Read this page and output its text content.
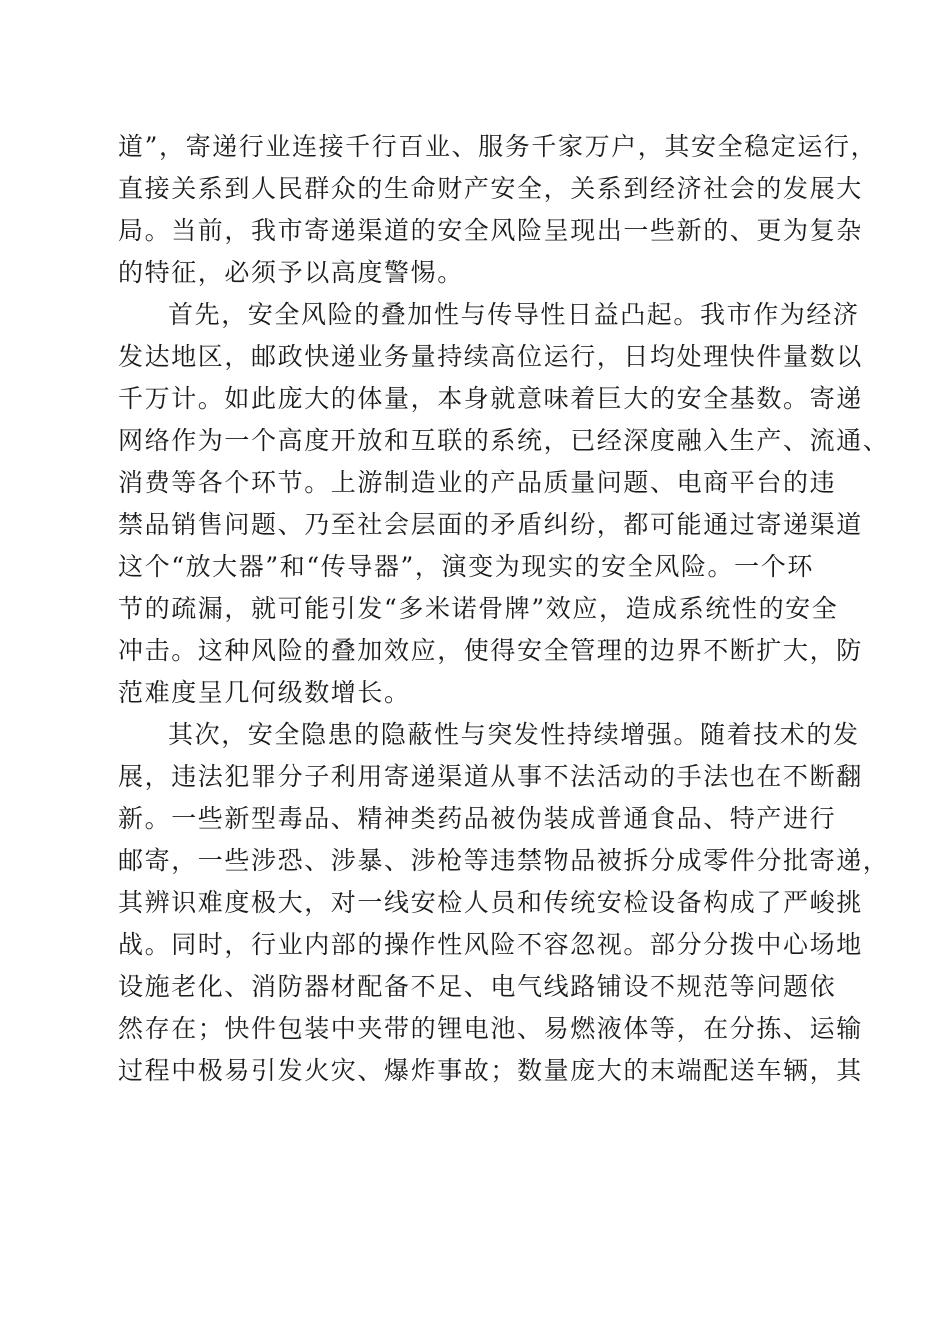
道”，寄递行业连接千行百业、服务千家万户，其安全稳定运行，
直接关系到人民群众的生命财产安全，关系到经济社会的发展大
局。当前，我市寄递渠道的安全风险呈现出一些新的、更为复杂
的特征，必须予以高度警惕。
首先，安全风险的叠加性与传导性日益凸起。我市作为经济
发达地区，邮政快递业务量持续高位运行，日均处理快件量数以
千万计。如此庞大的体量，本身就意味着巨大的安全基数。寄递
网络作为一个高度开放和互联的系统，已经深度融入生产、流通、
消费等各个环节。上游制造业的产品质量问题、电商平台的违
禁品销售问题、乃至社会层面的矛盾纠纷，都可能通过寄递渠道
这个“放大器”和“传导器”，演变为现实的安全风险。一个环
节的疏漏，就可能引发“多米诺骨牌”效应，造成系统性的安全
冲击。这种风险的叠加效应，使得安全管理的边界不断扩大，防
范难度呈几何级数增长。
其次，安全隐患的隐蔽性与突发性持续增强。随着技术的发
展，违法犯罪分子利用寄递渠道从事不法活动的手法也在不断翻
新。一些新型毒品、精神类药品被伪装成普通食品、特产进行
邮寄，一些涉恐、涉暴、涉枪等违禁物品被拆分成零件分批寄递，
其辨识难度极大，对一线安检人员和传统安检设备构成了严峻挑
战。同时，行业内部的操作性风险不容忽视。部分分拨中心场地
设施老化、消防器材配备不足、电气线路铺设不规范等问题依
然存在；快件包装中夹带的锂电池、易燃液体等，在分拣、运输
过程中极易引发火灾、爆炸事故；数量庞大的末端配送车辆，其
